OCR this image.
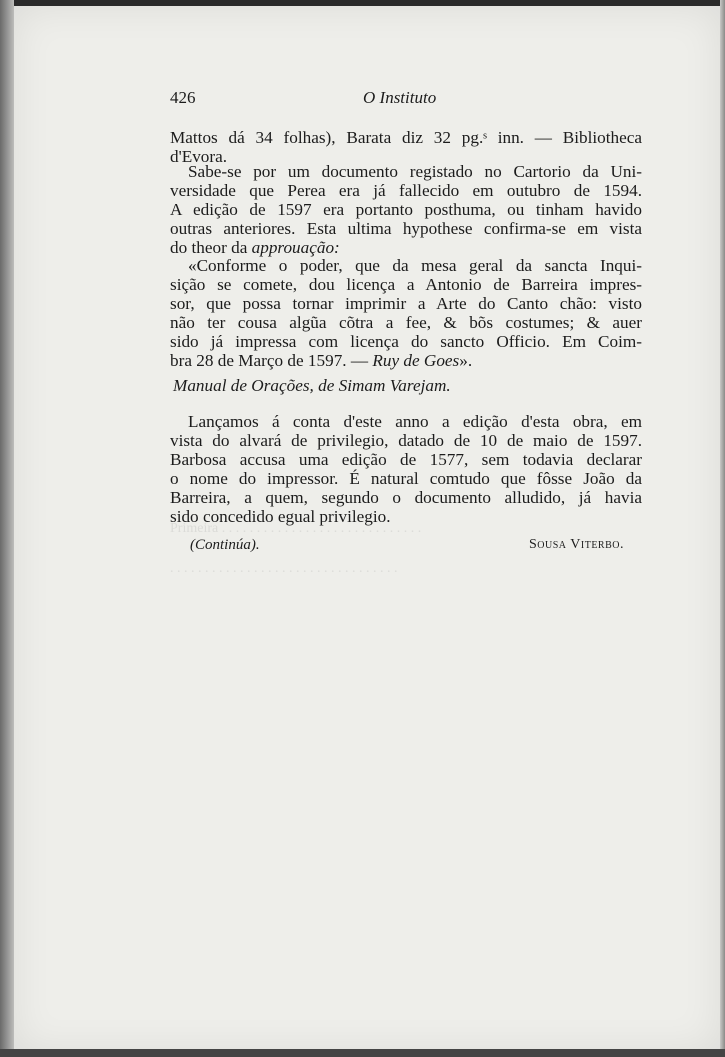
Primeira . . . . . . . . . . . . . . . . . . . . . . . . . . . . .
. . . . . . . . . . . . . . . . . . . . . . . . . . . . . . . . .
426	O Instituto
Mattos dá 34 folhas), Barata diz 32 pg.ˢ inn. — Bibliotheca
d'Evora.
Sabe-se por um documento registado no Cartorio da Uni-
versidade que Perea era já fallecido em outubro de 1594.
A edição de 1597 era portanto posthuma, ou tinham havido
outras anteriores. Esta ultima hypothese confirma-se em vista
do theor da approuação:
«Conforme o poder, que da mesa geral da sancta Inqui-
sição se comete, dou licença a Antonio de Barreira impres-
sor, que possa tornar imprimir a Arte do Canto chão: visto
não ter cousa algũa cõtra a fee, & bõs costumes; & auer
sido já impressa com licença do sancto Officio. Em Coim-
bra 28 de Março de 1597. — Ruy de Goes».
Manual de Orações, de Simam Varejam.
Lançamos á conta d'este anno a edição d'esta obra, em
vista do alvará de privilegio, datado de 10 de maio de 1597.
Barbosa accusa uma edição de 1577, sem todavia declarar
o nome do impressor. É natural comtudo que fôsse João da
Barreira, a quem, segundo o documento alludido, já havia
sido concedido egual privilegio.
(Continúa).	Sousa Viterbo.
